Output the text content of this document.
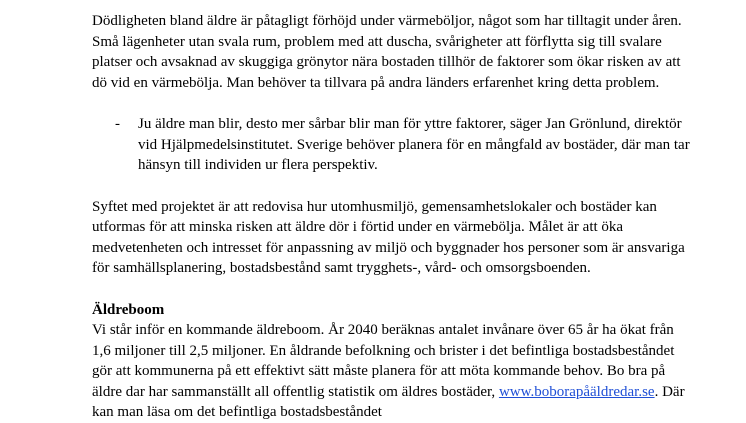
Dödligheten bland äldre är påtagligt förhöjd under värmeböljor, något som har tilltagit under åren. Små lägenheter utan svala rum, problem med att duscha, svårigheter att förflytta sig till svalare platser och avsaknad av skuggiga grönytor nära bostaden tillhör de faktorer som ökar risken av att dö vid en värmebölja. Man behöver ta tillvara på andra länders erfarenhet kring detta problem.

- Ju äldre man blir, desto mer sårbar blir man för yttre faktorer, säger Jan Grönlund, direktör vid Hjälpmedelsinstitutet. Sverige behöver planera för en mångfald av bostäder, där man tar hänsyn till individen ur flera perspektiv.

Syftet med projektet är att redovisa hur utomhusmiljö, gemensamhetslokaler och bostäder kan utformas för att minska risken att äldre dör i förtid under en värmebölja. Målet är att öka medvetenheten och intresset för anpassning av miljö och byggnader hos personer som är ansvariga för samhällsplanering, bostadsbestånd samt trygghets-, vård- och omsorgsboenden.

Äldreboom

Vi står inför en kommande äldreboom. År 2040 beräknas antalet invånare över 65 år ha ökat från 1,6 miljoner till 2,5 miljoner. En åldrande befolkning och brister i det befintliga bostadsbeståndet gör att kommunerna på ett effektivt sätt måste planera för att möta kommande behov. Bo bra på äldre dar har sammanställt all offentlig statistik om äldres bostäder, www.boborapåäldredar.se. Där kan man läsa om det befintliga bostadsbeståndet
